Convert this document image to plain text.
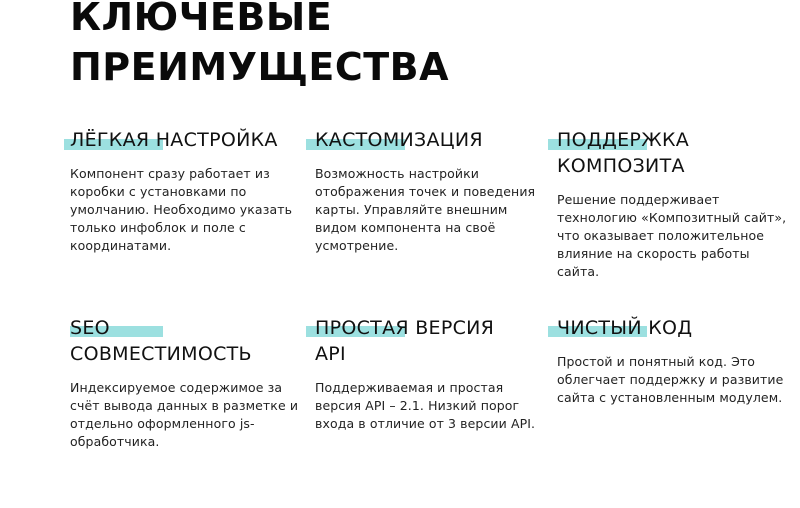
КЛЮЧЕВЫЕ
ПРЕИМУЩЕСТВА
ЛЁГКАЯ НАСТРОЙКА

Компонент сразу работает из коробки с установками по умолчанию. Необходимо указать только инфоблок и поле с координатами.

КАСТОМИЗАЦИЯ

Возможность настройки отображения точек и поведения карты. Управляйте внешним видом компонента на своё усмотрение.

ПОДДЕРЖКА
КОМПОЗИТА

Решение поддерживает технологию «Композитный сайт», что оказывает положительное влияние на скорость работы сайта.

SEO
СОВМЕСТИМОСТЬ

Индексируемое содержимое за счёт вывода данных в разметке и отдельно оформленного js-обработчика.

ПРОСТАЯ ВЕРСИЯ
API

Поддерживаемая и простая версия API – 2.1. Низкий порог входа в отличие от 3 версии API.

ЧИСТЫЙ КОД

Простой и понятный код. Это облегчает поддержку и развитие сайта с установленным модулем.
